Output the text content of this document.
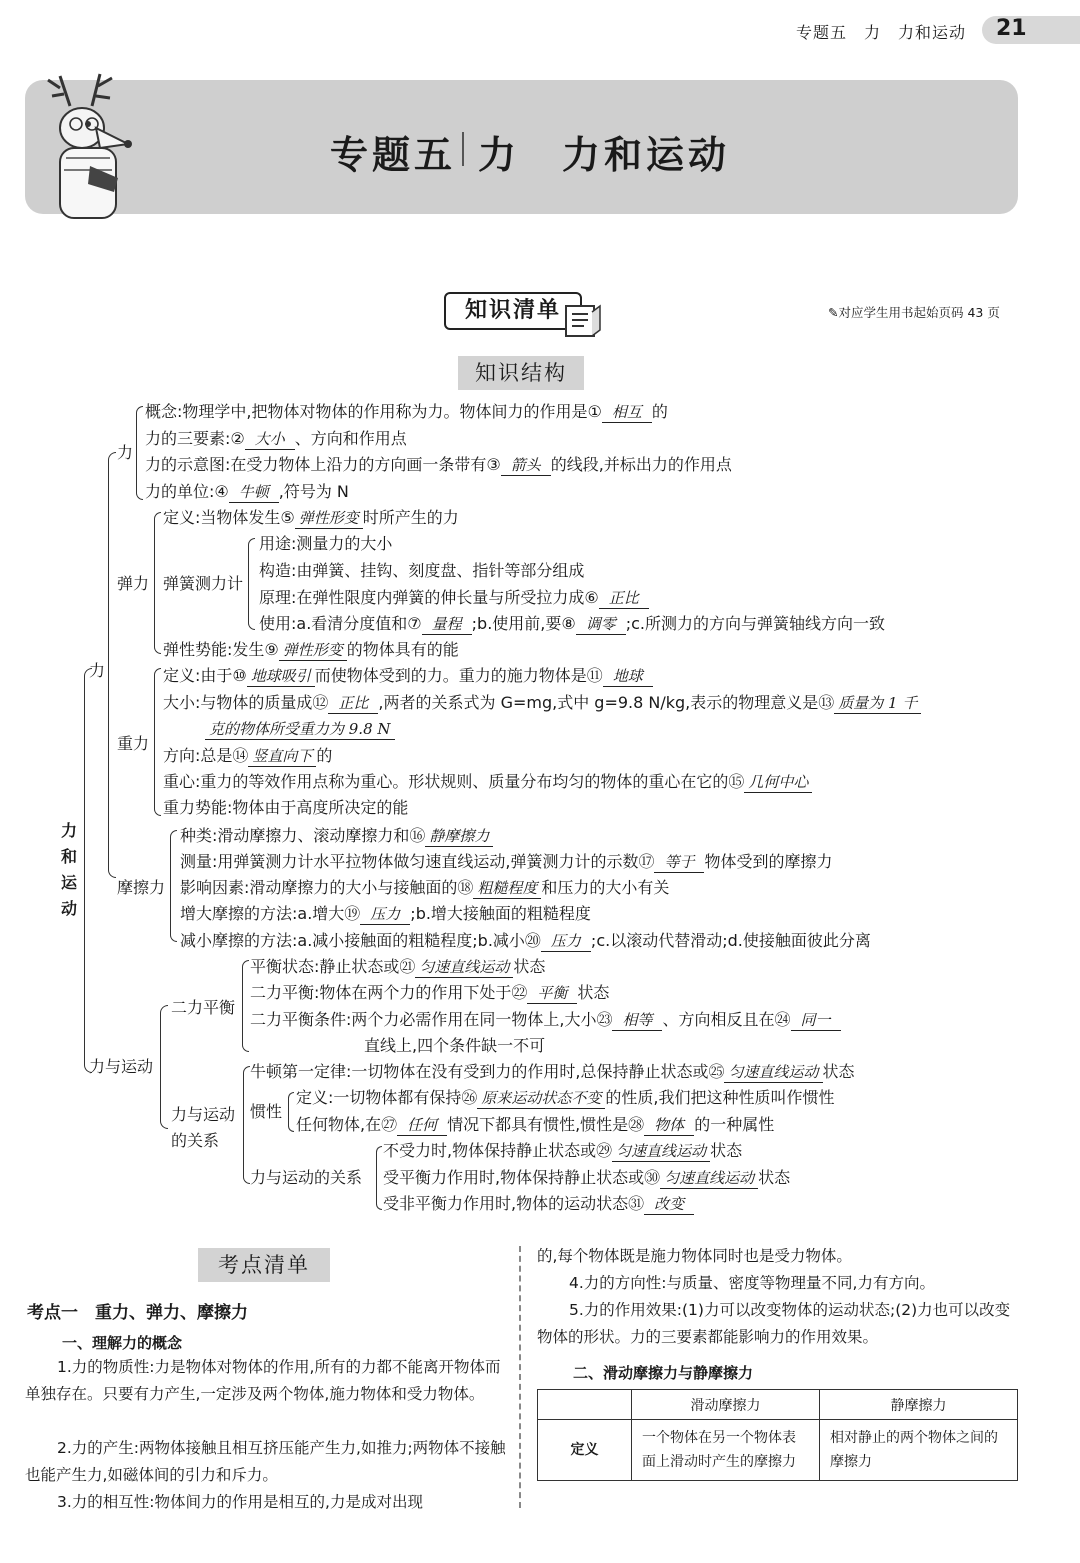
专题五　力　力和运动 21
专题五 力　力和运动
知识清单	✎对应学生用书起始页码 43 页
知识结构
力
和
运
动
力
力
概念:物理学中,把物体对物体的作用称为力。物体间力的作用是① 相互 的
力的三要素:② 大小 、方向和作用点
力的示意图:在受力物体上沿力的方向画一条带有③ 箭头 的线段,并标出力的作用点
力的单位:④ 牛顿 ,符号为 N
弹力
定义:当物体发生⑤ 弹性形变 时所产生的力
弹簧测力计
用途:测量力的大小
构造:由弹簧、挂钩、刻度盘、指针等部分组成
原理:在弹性限度内弹簧的伸长量与所受拉力成⑥ 正比
使用:a.看清分度值和⑦ 量程 ;b.使用前,要⑧ 调零 ;c.所测力的方向与弹簧轴线方向一致
弹性势能:发生⑨ 弹性形变 的物体具有的能
重力
定义:由于⑩ 地球吸引 而使物体受到的力。重力的施力物体是⑪ 地球
大小:与物体的质量成⑫ 正比 ,两者的关系式为 G=mg,式中 g=9.8 N/kg,表示的物理意义是⑬ 质量为 1 千
克的物体所受重力为 9.8 N
方向:总是⑭ 竖直向下 的
重心:重力的等效作用点称为重心。形状规则、质量分布均匀的物体的重心在它的⑮ 几何中心
重力势能:物体由于高度所决定的能
摩擦力
种类:滑动摩擦力、滚动摩擦力和⑯ 静摩擦力
测量:用弹簧测力计水平拉物体做匀速直线运动,弹簧测力计的示数⑰ 等于 物体受到的摩擦力
影响因素:滑动摩擦力的大小与接触面的⑱ 粗糙程度 和压力的大小有关
增大摩擦的方法:a.增大⑲ 压力 ;b.增大接触面的粗糙程度
减小摩擦的方法:a.减小接触面的粗糙程度;b.减小⑳ 压力 ;c.以滚动代替滑动;d.使接触面彼此分离
力与运动
二力平衡
平衡状态:静止状态或㉑ 匀速直线运动 状态
二力平衡:物体在两个力的作用下处于㉒ 平衡 状态
二力平衡条件:两个力必需作用在同一物体上,大小㉓ 相等 、方向相反且在㉔ 同一
直线上,四个条件缺一不可
力与运动
的关系
牛顿第一定律:一切物体在没有受到力的作用时,总保持静止状态或㉕ 匀速直线运动 状态
惯性
定义:一切物体都有保持㉖ 原来运动状态不变 的性质,我们把这种性质叫作惯性
任何物体,在㉗ 任何 情况下都具有惯性,惯性是㉘ 物体 的一种属性
力与运动的关系
不受力时,物体保持静止状态或㉙ 匀速直线运动 状态
受平衡力作用时,物体保持静止状态或㉚ 匀速直线运动 状态
受非平衡力作用时,物体的运动状态㉛ 改变
考点清单
考点一　重力、弹力、摩擦力
一、理解力的概念
1.力的物质性:力是物体对物体的作用,所有的力都不能离开物体而单独存在。只要有力产生,一定涉及两个物体,施力物体和受力物体。
2.力的产生:两物体接触且相互挤压能产生力,如推力;两物体不接触也能产生力,如磁体间的引力和斥力。
3.力的相互性:物体间力的作用是相互的,力是成对出现
的,每个物体既是施力物体同时也是受力物体。
4.力的方向性:与质量、密度等物理量不同,力有方向。
5.力的作用效果:(1)力可以改变物体的运动状态;(2)力也可以改变物体的形状。力的三要素都能影响力的作用效果。
二、滑动摩擦力与静摩擦力
	滑动摩擦力	静摩擦力
定义	一个物体在另一个物体表面上滑动时产生的摩擦力	相对静止的两个物体之间的摩擦力
